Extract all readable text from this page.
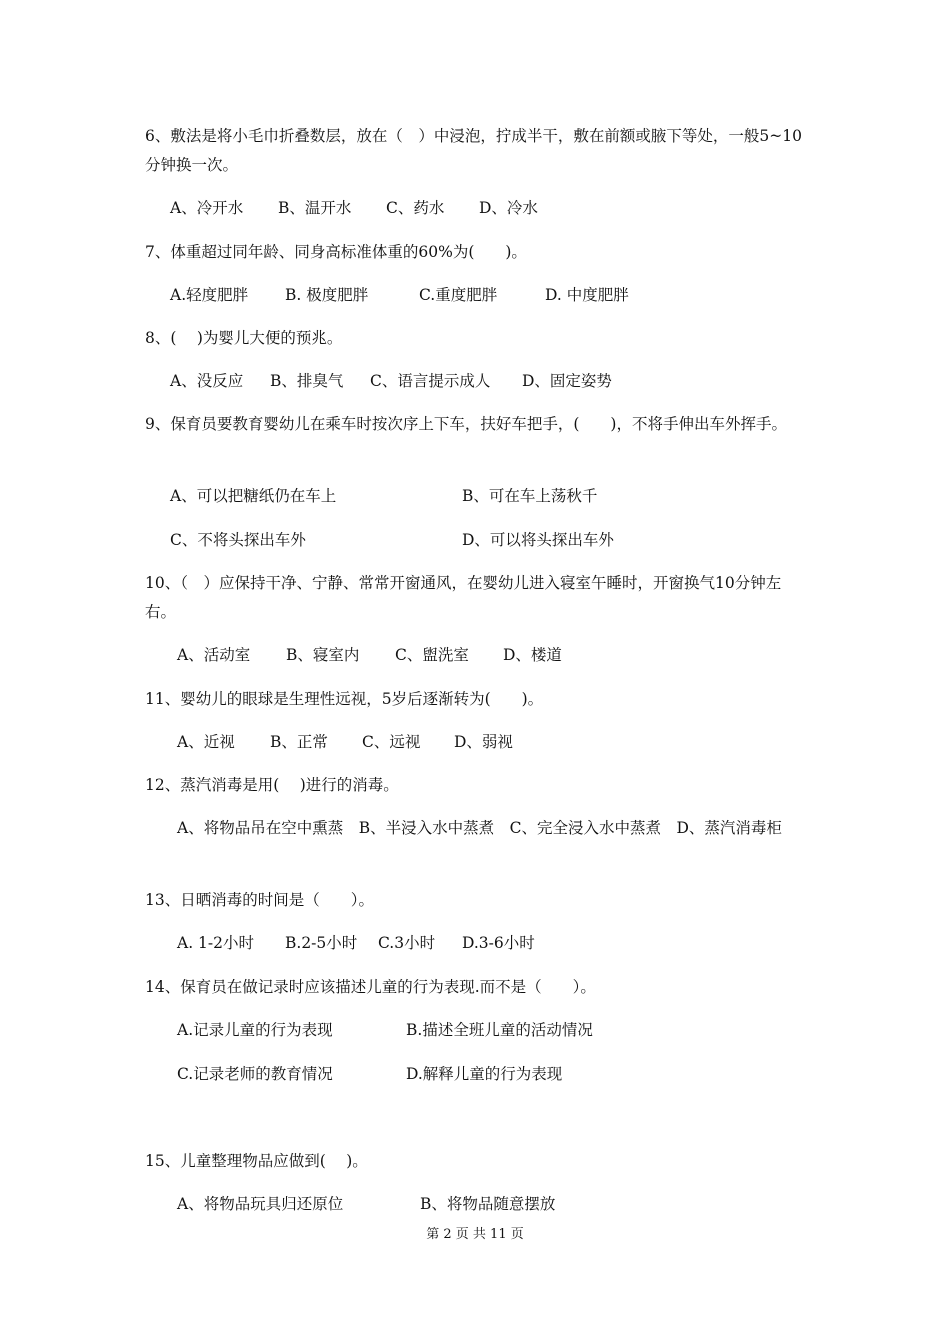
6、敷法是将小毛巾折叠数层，放在（　）中浸泡，拧成半干，敷在前额或腋下等处，一般5~10分钟换一次。
A、冷开水 B、温开水 C、药水 D、冷水
7、体重超过同年龄、同身高标准体重的60%为(　　)。
A.轻度肥胖 B. 极度肥胖	C.重度肥胖	D. 中度肥胖
8、(　 )为婴儿大便的预兆。
A、没反应 B、排臭气 C、语言提示成人 D、固定姿势
9、保育员要教育婴幼儿在乘车时按次序上下车，扶好车把手，(　　)，不将手伸出车外挥手。
A、可以把糖纸仍在车上	B、可在车上荡秋千
C、不将头探出车外	D、可以将头探出车外
10、（　）应保持干净、宁静、常常开窗通风，在婴幼儿进入寝室午睡时，开窗换气10分钟左右。
A、活动室 B、寝室内 C、盥洗室 D、楼道
11、婴幼儿的眼球是生理性远视，5岁后逐渐转为(　　)。
A、近视 B、正常 C、远视 D、弱视
12、蒸汽消毒是用(　 )进行的消毒。
A、将物品吊在空中熏蒸　B、半浸入水中蒸煮　C、完全浸入水中蒸煮　D、蒸汽消毒柜
13、日晒消毒的时间是（　　）。
A. 1-2小时 B.2-5小时 C.3小时 D.3-6小时
14、保育员在做记录时应该描述儿童的行为表现.而不是（　　）。
A.记录儿童的行为表现	B.描述全班儿童的活动情况
C.记录老师的教育情况	D.解释儿童的行为表现
15、儿童整理物品应做到(　 )。
A、将物品玩具归还原位	B、将物品随意摆放
第 2 页 共 11 页
